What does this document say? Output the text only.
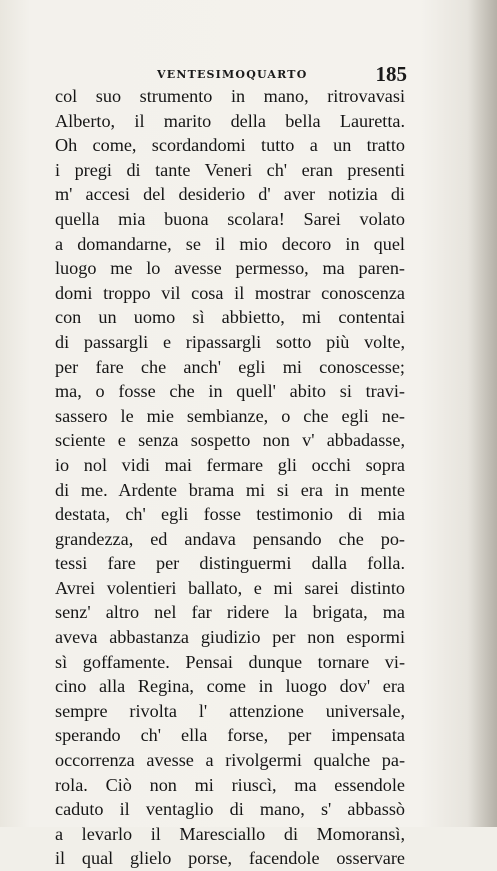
VENTESIMOQUARTO	185
col suo strumento in mano, ritrovavasi
Alberto, il marito della bella Lauretta.
Oh come, scordandomi tutto a un tratto
i pregi di tante Veneri ch' eran presenti
m' accesi del desiderio d' aver notizia di
quella mia buona scolara! Sarei volato
a domandarne, se il mio decoro in quel
luogo me lo avesse permesso, ma paren-
domi troppo vil cosa il mostrar conoscenza
con un uomo sì abbietto, mi contentai
di passargli e ripassargli sotto più volte,
per fare che anch' egli mi conoscesse;
ma, o fosse che in quell' abito si travi-
sassero le mie sembianze, o che egli ne-
sciente e senza sospetto non v' abbadasse,
io nol vidi mai fermare gli occhi sopra
di me. Ardente brama mi si era in mente
destata, ch' egli fosse testimonio di mia
grandezza, ed andava pensando che po-
tessi fare per distinguermi dalla folla.
Avrei volentieri ballato, e mi sarei distinto
senz' altro nel far ridere la brigata, ma
aveva abbastanza giudizio per non espormi
sì goffamente. Pensai dunque tornare vi-
cino alla Regina, come in luogo dov' era
sempre rivolta l' attenzione universale,
sperando ch' ella forse, per impensata
occorrenza avesse a rivolgermi qualche pa-
rola. Ciò non mi riuscì, ma essendole
caduto il ventaglio di mano, s' abbassò
a levarlo il Maresciallo di Momoransì,
il qual glielo porse, facendole osservare
